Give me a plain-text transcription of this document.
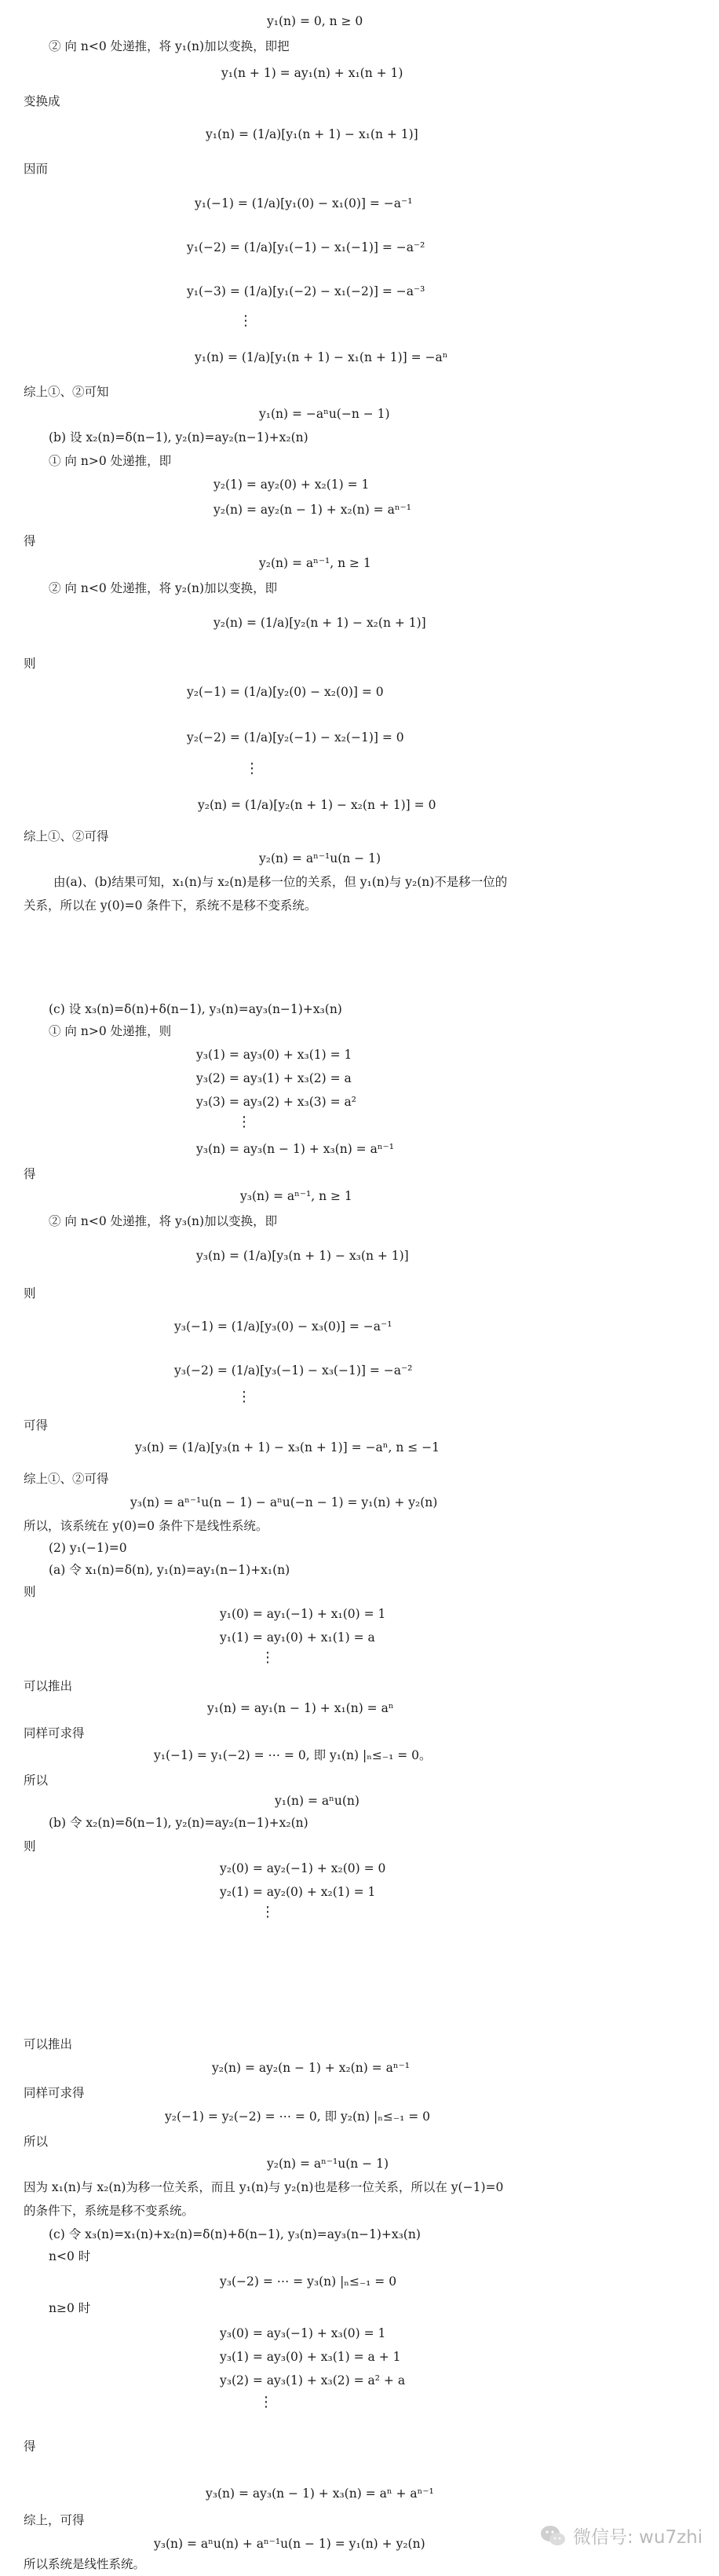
y₁(n) = 0, n ≥ 0
② 向 n<0 处递推，将 y₁(n)加以变换，即把
y₁(n + 1) = ay₁(n) + x₁(n + 1)
变换成
y₁(n) = (1/a)[y₁(n + 1) − x₁(n + 1)]
因而
y₁(−1) = (1/a)[y₁(0) − x₁(0)] = −a⁻¹
y₁(−2) = (1/a)[y₁(−1) − x₁(−1)] = −a⁻²
y₁(−3) = (1/a)[y₁(−2) − x₁(−2)] = −a⁻³
⋮
y₁(n) = (1/a)[y₁(n + 1) − x₁(n + 1)] = −aⁿ
综上①、②可知
y₁(n) = −aⁿu(−n − 1)
(b) 设 x₂(n)=δ(n−1), y₂(n)=ay₂(n−1)+x₂(n)
① 向 n>0 处递推，即
y₂(1) = ay₂(0) + x₂(1) = 1
y₂(n) = ay₂(n − 1) + x₂(n) = aⁿ⁻¹
得
y₂(n) = aⁿ⁻¹, n ≥ 1
② 向 n<0 处递推，将 y₂(n)加以变换，即
y₂(n) = (1/a)[y₂(n + 1) − x₂(n + 1)]
则
y₂(−1) = (1/a)[y₂(0) − x₂(0)] = 0
y₂(−2) = (1/a)[y₂(−1) − x₂(−1)] = 0
⋮
y₂(n) = (1/a)[y₂(n + 1) − x₂(n + 1)] = 0
综上①、②可得
y₂(n) = aⁿ⁻¹u(n − 1)
由(a)、(b)结果可知，x₁(n)与 x₂(n)是移一位的关系，但 y₁(n)与 y₂(n)不是移一位的
关系，所以在 y(0)=0 条件下，系统不是移不变系统。
(c) 设 x₃(n)=δ(n)+δ(n−1), y₃(n)=ay₃(n−1)+x₃(n)
① 向 n>0 处递推，则
y₃(1) = ay₃(0) + x₃(1) = 1
y₃(2) = ay₃(1) + x₃(2) = a
y₃(3) = ay₃(2) + x₃(3) = a²
⋮
y₃(n) = ay₃(n − 1) + x₃(n) = aⁿ⁻¹
得
y₃(n) = aⁿ⁻¹, n ≥ 1
② 向 n<0 处递推，将 y₃(n)加以变换，即
y₃(n) = (1/a)[y₃(n + 1) − x₃(n + 1)]
则
y₃(−1) = (1/a)[y₃(0) − x₃(0)] = −a⁻¹
y₃(−2) = (1/a)[y₃(−1) − x₃(−1)] = −a⁻²
⋮
可得
y₃(n) = (1/a)[y₃(n + 1) − x₃(n + 1)] = −aⁿ, n ≤ −1
综上①、②可得
y₃(n) = aⁿ⁻¹u(n − 1) − aⁿu(−n − 1) = y₁(n) + y₂(n)
所以，该系统在 y(0)=0 条件下是线性系统。
(2) y₁(−1)=0
(a) 令 x₁(n)=δ(n), y₁(n)=ay₁(n−1)+x₁(n)
则
y₁(0) = ay₁(−1) + x₁(0) = 1
y₁(1) = ay₁(0) + x₁(1) = a
⋮
可以推出
y₁(n) = ay₁(n − 1) + x₁(n) = aⁿ
同样可求得
y₁(−1) = y₁(−2) = ⋯ = 0, 即 y₁(n) |ₙ≤₋₁ = 0。
所以
y₁(n) = aⁿu(n)
(b) 令 x₂(n)=δ(n−1), y₂(n)=ay₂(n−1)+x₂(n)
则
y₂(0) = ay₂(−1) + x₂(0) = 0
y₂(1) = ay₂(0) + x₂(1) = 1
⋮
可以推出
y₂(n) = ay₂(n − 1) + x₂(n) = aⁿ⁻¹
同样可求得
y₂(−1) = y₂(−2) = ⋯ = 0, 即 y₂(n) |ₙ≤₋₁ = 0
所以
y₂(n) = aⁿ⁻¹u(n − 1)
因为 x₁(n)与 x₂(n)为移一位关系，而且 y₁(n)与 y₂(n)也是移一位关系，所以在 y(−1)=0
的条件下，系统是移不变系统。
(c) 令 x₃(n)=x₁(n)+x₂(n)=δ(n)+δ(n−1), y₃(n)=ay₃(n−1)+x₃(n)
n<0 时
y₃(−2) = ⋯ = y₃(n) |ₙ≤₋₁ = 0
n≥0 时
y₃(0) = ay₃(−1) + x₃(0) = 1
y₃(1) = ay₃(0) + x₃(1) = a + 1
y₃(2) = ay₃(1) + x₃(2) = a² + a
⋮
得
y₃(n) = ay₃(n − 1) + x₃(n) = aⁿ + aⁿ⁻¹
综上，可得
y₃(n) = aⁿu(n) + aⁿ⁻¹u(n − 1) = y₁(n) + y₂(n)
所以系统是线性系统。
微信号: wu7zhi
